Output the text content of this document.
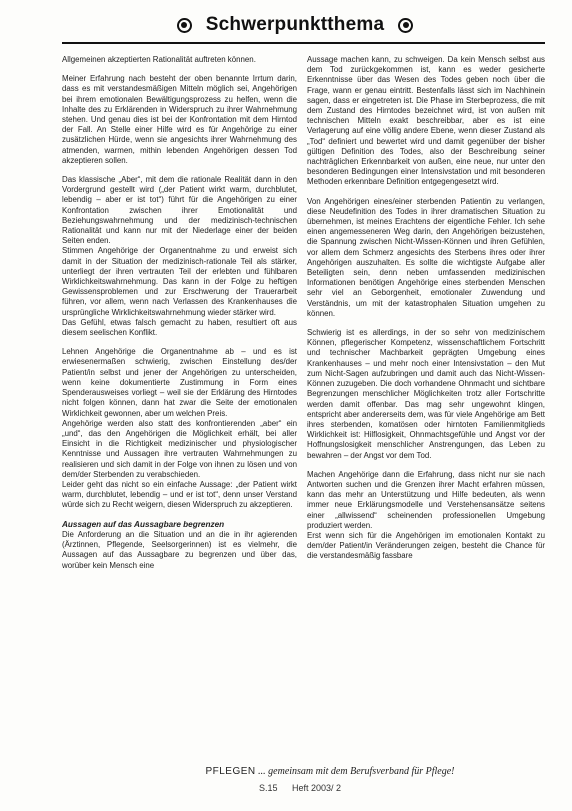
Schwerpunktthema

Allgemeinen akzeptierten Rationalität auftreten können.

Meiner Erfahrung nach besteht der oben benannte Irrtum darin, dass es mit verstandesmäßigen Mitteln möglich sei, Angehörigen bei ihrem emotionalen Bewältigungsprozess zu helfen, wenn die Inhalte des zu Erklärenden in Widerspruch zu ihrer Wahrnehmung stehen. Und genau dies ist bei der Konfrontation mit dem Hirntod der Fall. An Stelle einer Hilfe wird es für Angehörige zu einer zusätzlichen Hürde, wenn sie angesichts ihrer Wahrnehmung des atmenden, warmen, mithin lebenden Angehörigen dessen Tod akzeptieren sollen.

Das klassische „Aber“, mit dem die rationale Realität dann in den Vordergrund gestellt wird („der Patient wirkt warm, durchblutet, lebendig – aber er ist tot“) führt für die Angehörigen zu einer Konfrontation zwischen ihrer Emotionalität und Beziehungswahrnehmung und der medizinisch-technischen Rationalität und kann nur mit der Niederlage einer der beiden Seiten enden.

Stimmen Angehörige der Organentnahme zu und erweist sich damit in der Situation der medizinisch-rationale Teil als stärker, unterliegt der ihren vertrauten Teil der erlebten und fühlbaren Wirklichkeitswahrnehmung. Das kann in der Folge zu heftigen Gewissensproblemen und zur Erschwerung der Trauerarbeit führen, vor allem, wenn nach Verlassen des Krankenhauses die ursprüngliche Wirklichkeitswahrnehmung wieder stärker wird.

Das Gefühl, etwas falsch gemacht zu haben, resultiert oft aus diesem seelischen Konflikt.

Lehnen Angehörige die Organentnahme ab – und es ist erwiesenermaßen schwierig, zwischen Einstellung des/der Patient/in selbst und jener der Angehörigen zu unterscheiden, wenn keine dokumentierte Zustimmung in Form eines Spenderausweises vorliegt – weil sie der Erklärung des Hirntodes nicht folgen können, dann hat zwar die Seite der emotionalen Wirklichkeit gewonnen, aber um welchen Preis.

Angehörige werden also statt des konfrontierenden „aber“ ein „und“, das den Angehörigen die Möglichkeit erhält, bei aller Einsicht in die Richtigkeit medizinischer und physiologischer Kenntnisse und Aussagen ihre vertrauten Wahrnehmungen zu realisieren und sich damit in der Folge von ihnen zu lösen und von dem/der Sterbenden zu verabschieden.

Leider geht das nicht so ein einfache Aussage: „der Patient wirkt warm, durchblutet, lebendig – und er ist tot“, denn unser Verstand würde sich zu Recht weigern, diesen Widerspruch zu akzeptieren.

Aussagen auf das Aussagbare begrenzen

Die Anforderung an die Situation und an die in ihr agierenden (Ärztinnen, Pflegende, Seelsorgerinnen) ist es vielmehr, die Aussagen auf das Aussagbare zu begrenzen und über das, worüber kein Mensch eine

Aussage machen kann, zu schweigen. Da kein Mensch selbst aus dem Tod zurückgekommen ist, kann es weder gesicherte Erkenntnisse über das Wesen des Todes geben noch über die Frage, wann er genau eintritt. Bestenfalls lässt sich im Nachhinein sagen, dass er eingetreten ist. Die Phase im Sterbeprozess, die mit dem Zustand des Hirntodes bezeichnet wird, ist von außen mit technischen Mitteln exakt beschreibbar, aber es ist eine Verlagerung auf eine völlig andere Ebene, wenn dieser Zustand als „Tod“ definiert und bewertet wird und damit gegenüber der bisher gültigen Definition des Todes, also der Beschreibung seiner nachträglichen Erkennbarkeit von außen, eine neue, nur unter den besonderen Bedingungen einer Intensivstation und mit besonderen Methoden erkennbare Definition entgegengesetzt wird.

Von Angehörigen eines/einer sterbenden Patientin zu verlangen, diese Neudefinition des Todes in ihrer dramatischen Situation zu übernehmen, ist meines Erachtens der eigentliche Fehler. Ich sehe einen angemesseneren Weg darin, den Angehörigen beizustehen, die Spannung zwischen Nicht-Wissen-Können und ihren Gefühlen, vor allem dem Schmerz angesichts des Sterbens ihres oder ihrer Angehörigen auszuhalten. Es sollte die wichtigste Aufgabe aller Beteiligten sein, denn neben umfassenden medizinischen Informationen benötigen Angehörige eines sterbenden Menschen sehr viel an Geborgenheit, emotionaler Zuwendung und Verständnis, um mit der katastrophalen Situation umgehen zu können.

Schwierig ist es allerdings, in der so sehr von medizinischem Können, pflegerischer Kompetenz, wissenschaftlichem Fortschritt und technischer Machbarkeit geprägten Umgebung eines Krankenhauses – und mehr noch einer Intensivstation – den Mut zum Nicht-Sagen aufzubringen und damit auch das Nicht-Wissen-Können zuzugeben. Die doch vorhandene Ohnmacht und sichtbare Begrenzungen menschlicher Möglichkeiten trotz aller Fortschritte werden damit offenbar. Das mag sehr ungewohnt klingen, entspricht aber andererseits dem, was für viele Angehörige am Bett ihres sterbenden, komatösen oder hirntoten Familienmitglieds Wirklichkeit ist: Hilflosigkeit, Ohnmachtsgefühle und Angst vor der Hoffnungslosigkeit menschlicher Anstrengungen, das Leben zu bewahren – der Angst vor dem Tod.

Machen Angehörige dann die Erfahrung, dass nicht nur sie nach Antworten suchen und die Grenzen ihrer Macht erfahren müssen, kann das mehr an Unterstützung und Hilfe bedeuten, als wenn immer neue Erklärungsmodelle und Verstehensansätze seitens einer „allwissend“ scheinenden professionellen Umgebung produziert werden.

Erst wenn sich für die Angehörigen im emotionalen Kontakt zu dem/der Patient/in Veränderungen zeigen, besteht die Chance für die verstandesmäßig fassbare

PFLEGEN ... gemeinsam mit dem Berufsverband für Pflege!
S.15 Heft 2003/ 2
